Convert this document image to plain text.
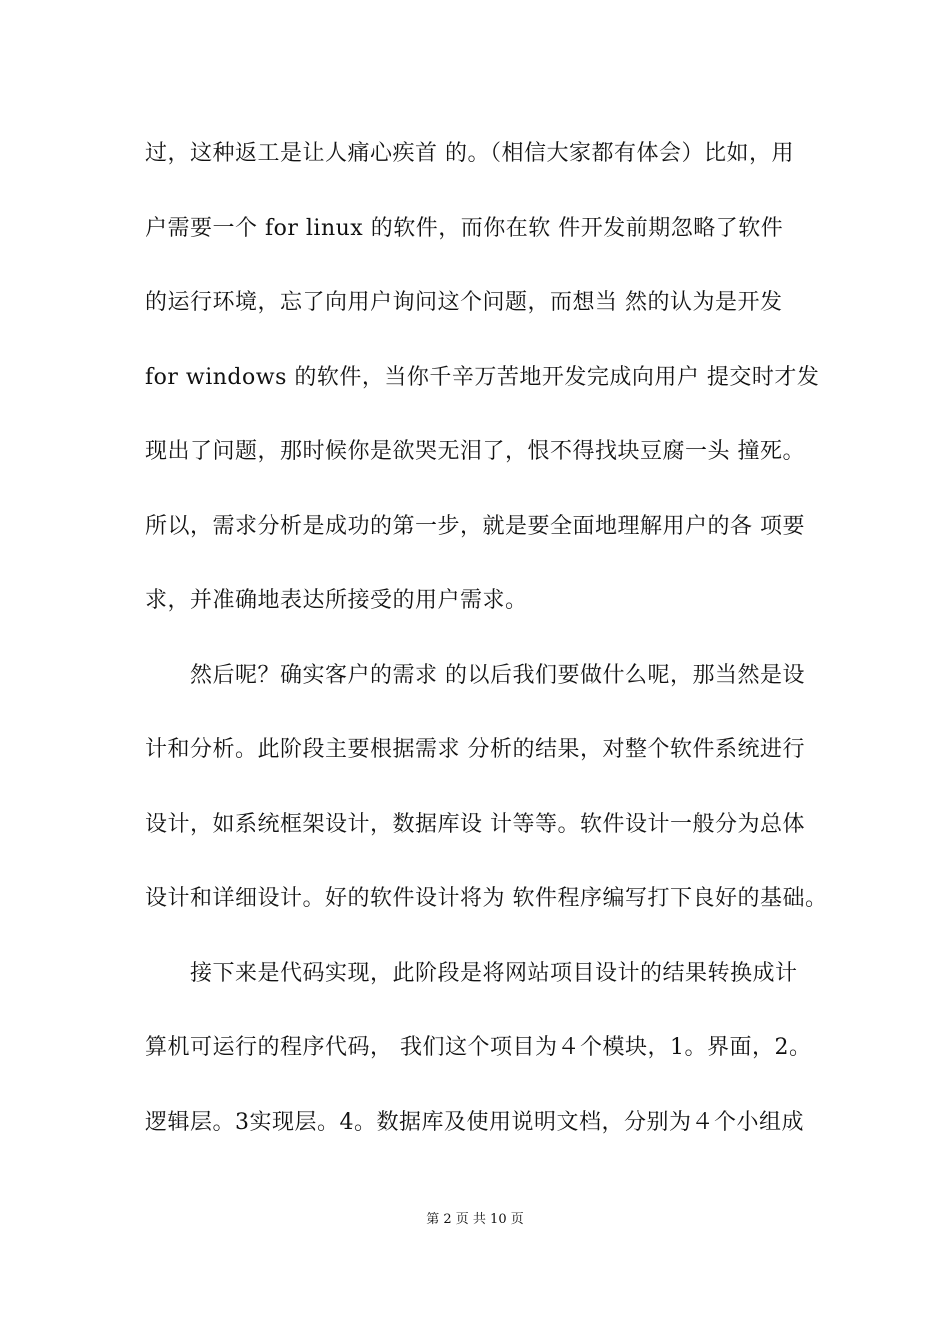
过，这种返工是让人痛心疾首 的。（相信大家都有体会）比如，用
户需要一个 for linux 的软件，而你在软 件开发前期忽略了软件
的运行环境，忘了向用户询问这个问题，而想当 然的认为是开发
for windows 的软件，当你千辛万苦地开发完成向用户 提交时才发
现出了问题，那时候你是欲哭无泪了，恨不得找块豆腐一头 撞死。
所以，需求分析是成功的第一步，就是要全面地理解用户的各 项要
求，并准确地表达所接受的用户需求。
然后呢？确实客户的需求 的以后我们要做什么呢，那当然是设
计和分析。此阶段主要根据需求 分析的结果，对整个软件系统进行
设计，如系统框架设计，数据库设 计等等。软件设计一般分为总体
设计和详细设计。好的软件设计将为 软件程序编写打下良好的基础。
接下来是代码实现，此阶段是将网站项目设计的结果转换成计
算机可运行的程序代码， 我们这个项目为４个模块，1。界面，2。
逻辑层。3实现层。4。数据库及使用说明文档，分别为４个小组成
第 2 页 共 10 页
